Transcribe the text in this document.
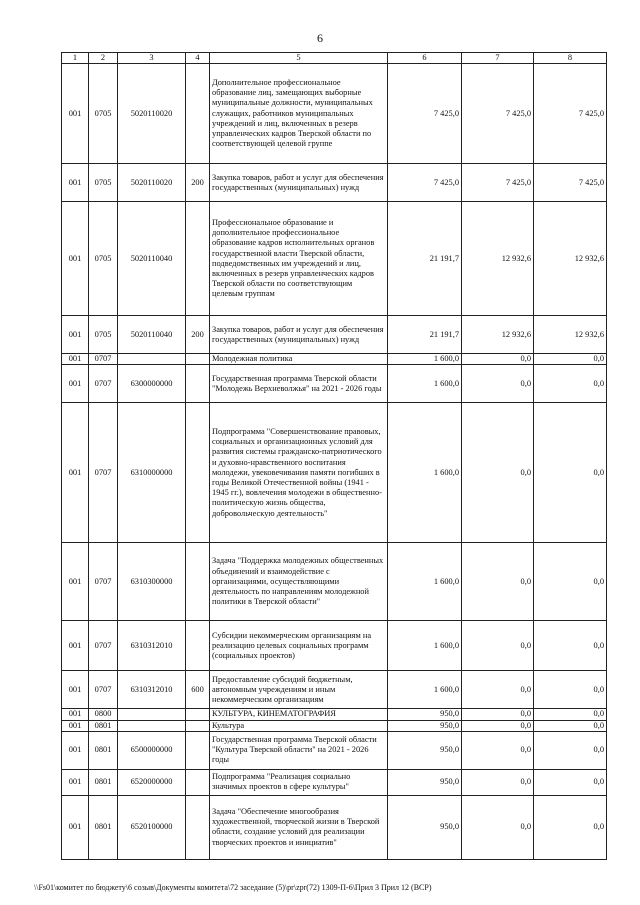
6
1	2	3	4	5	6	7	8
001	0705	5020110020		Дополнительное профессиональное образование лиц, замещающих выборные муниципальные должности, муниципальных служащих, работников муниципальных учреждений и лиц, включенных в резерв управленческих кадров Тверской области по соответствующей целевой группе	7 425,0	7 425,0	7 425,0
001	0705	5020110020	200	Закупка товаров, работ и услуг для обеспечения государственных (муниципальных) нужд	7 425,0	7 425,0	7 425,0
001	0705	5020110040		Профессиональное образование и дополнительное профессиональное образование кадров исполнительных органов государственной власти Тверской области, подведомственных им учреждений и лиц, включенных в резерв управленческих кадров Тверской области по соответствующим целевым группам	21 191,7	12 932,6	12 932,6
001	0705	5020110040	200	Закупка товаров, работ и услуг для обеспечения государственных (муниципальных) нужд	21 191,7	12 932,6	12 932,6
001	0707			Молодежная политика	1 600,0	0,0	0,0
001	0707	6300000000		Государственная программа Тверской области "Молодежь Верхневолжья" на 2021 - 2026 годы	1 600,0	0,0	0,0
001	0707	6310000000		Подпрограмма "Совершенствование правовых, социальных и организационных условий для развития системы гражданско-патриотического и духовно-нравственного воспитания молодежи, увековечивания памяти погибших в годы Великой Отечественной войны (1941 - 1945 гг.), вовлечения молодежи в общественно-политическую жизнь общества, добровольческую деятельность"	1 600,0	0,0	0,0
001	0707	6310300000		Задача "Поддержка молодежных общественных объединений и взаимодействие с организациями, осуществляющими деятельность по направлениям молодежной политики в Тверской области"	1 600,0	0,0	0,0
001	0707	6310312010		Субсидии некоммерческим организациям на реализацию целевых социальных программ (социальных проектов)	1 600,0	0,0	0,0
001	0707	6310312010	600	Предоставление субсидий бюджетным, автономным учреждениям и иным некоммерческим организациям	1 600,0	0,0	0,0
001	0800			КУЛЬТУРА, КИНЕМАТОГРАФИЯ	950,0	0,0	0,0
001	0801			Культура	950,0	0,0	0,0
001	0801	6500000000		Государственная программа Тверской области "Культура Тверской области" на 2021 - 2026 годы	950,0	0,0	0,0
001	0801	6520000000		Подпрограмма "Реализация социально значимых проектов в сфере культуры"	950,0	0,0	0,0
001	0801	6520100000		Задача "Обеспечение многообразия художественной, творческой жизни в Тверской области, создание условий для реализации творческих проектов и инициатив"	950,0	0,0	0,0
\\Fs01\комитет по бюджету\6 созыв\Документы комитета\72 заседание (5)\pr\zpr(72) 1309-П-6\Прил 3 Прил 12 (ВСР)
